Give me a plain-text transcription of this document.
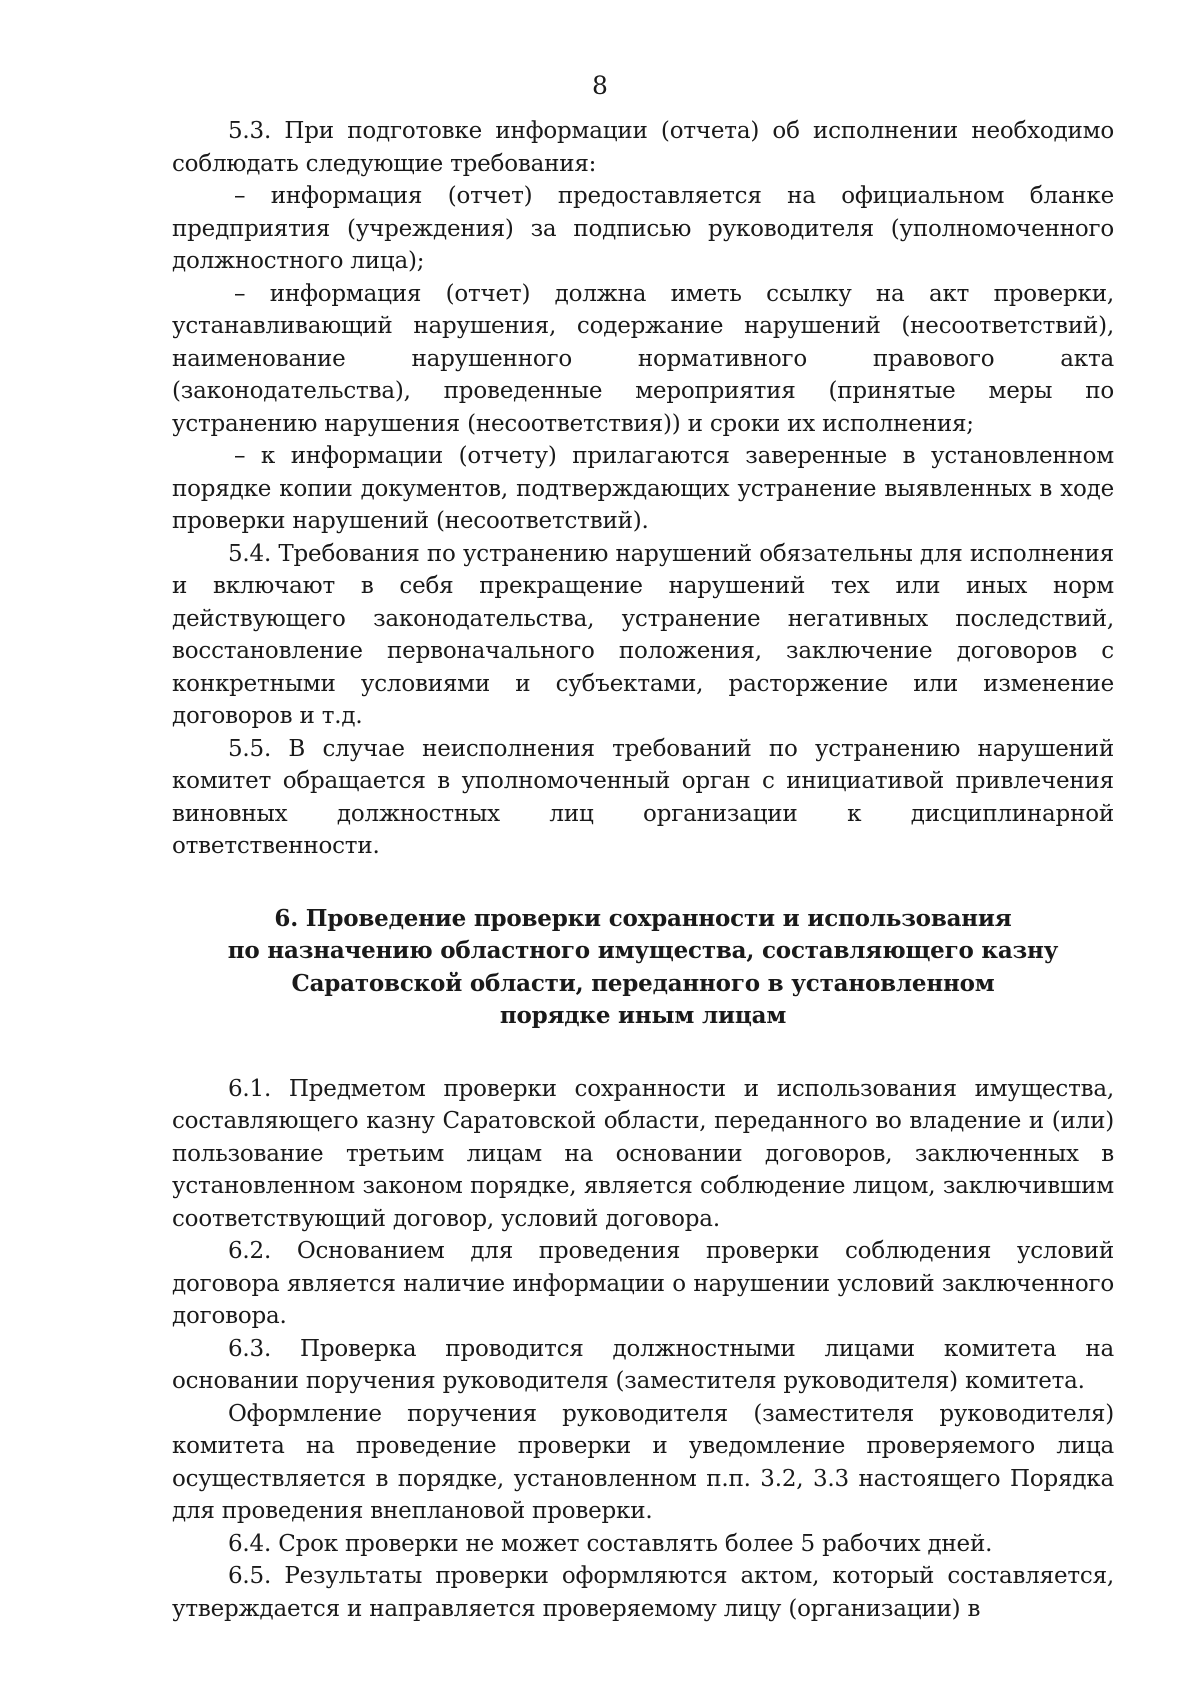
8

5.3. При подготовке информации (отчета) об исполнении необходимо соблюдать следующие требования:

– информация (отчет) предоставляется на официальном бланке предприятия (учреждения) за подписью руководителя (уполномоченного должностного лица);

– информация (отчет) должна иметь ссылку на акт проверки, устанавливающий нарушения, содержание нарушений (несоответствий), наименование нарушенного нормативного правового акта (законодательства), проведенные мероприятия (принятые меры по устранению нарушения (несоответствия)) и сроки их исполнения;

– к информации (отчету) прилагаются заверенные в установленном порядке копии документов, подтверждающих устранение выявленных в ходе проверки нарушений (несоответствий).

5.4. Требования по устранению нарушений обязательны для исполнения и включают в себя прекращение нарушений тех или иных норм действующего законодательства, устранение негативных последствий, восстановление первоначального положения, заключение договоров с конкретными условиями и субъектами, расторжение или изменение договоров и т.д.

5.5. В случае неисполнения требований по устранению нарушений комитет обращается в уполномоченный орган с инициативой привлечения виновных должностных лиц организации к дисциплинарной ответственности.

6. Проведение проверки сохранности и использования
по назначению областного имущества, составляющего казну
Саратовской области, переданного в установленном
порядке иным лицам

6.1. Предметом проверки сохранности и использования имущества, составляющего казну Саратовской области, переданного во владение и (или) пользование третьим лицам на основании договоров, заключенных в установленном законом порядке, является соблюдение лицом, заключившим соответствующий договор, условий договора.

6.2. Основанием для проведения проверки соблюдения условий договора является наличие информации о нарушении условий заключенного договора.

6.3. Проверка проводится должностными лицами комитета на основании поручения руководителя (заместителя руководителя) комитета.

Оформление поручения руководителя (заместителя руководителя) комитета на проведение проверки и уведомление проверяемого лица осуществляется в порядке, установленном п.п. 3.2, 3.3 настоящего Порядка для проведения внеплановой проверки.

6.4. Срок проверки не может составлять более 5 рабочих дней.

6.5. Результаты проверки оформляются актом, который составляется, утверждается и направляется проверяемому лицу (организации) в
